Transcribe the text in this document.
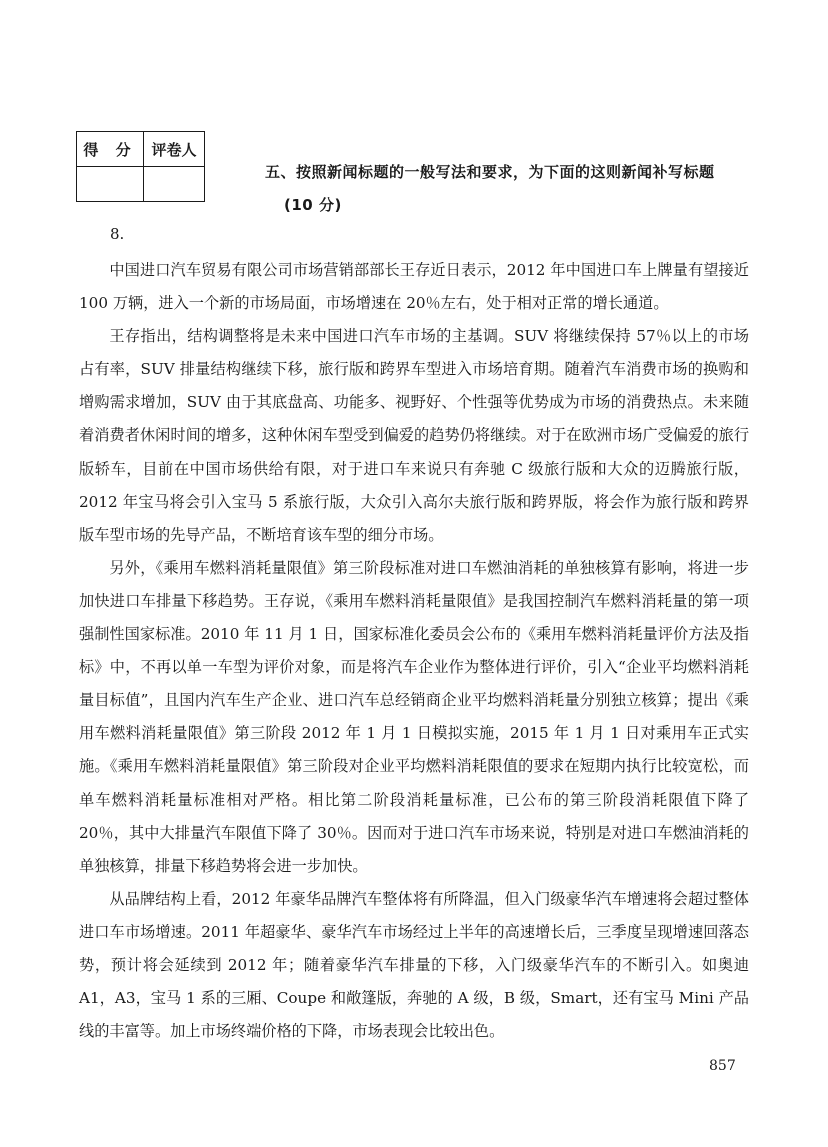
得 分	评卷人

五、按照新闻标题的一般写法和要求，为下面的这则新闻补写标题
(10 分)
8.

中国进口汽车贸易有限公司市场营销部部长王存近日表示，2012 年中国进口车上牌量有望接近 100 万辆，进入一个新的市场局面，市场增速在 20％左右，处于相对正常的增长通道。

王存指出，结构调整将是未来中国进口汽车市场的主基调。SUV 将继续保持 57％以上的市场占有率，SUV 排量结构继续下移，旅行版和跨界车型进入市场培育期。随着汽车消费市场的换购和增购需求增加，SUV 由于其底盘高、功能多、视野好、个性强等优势成为市场的消费热点。未来随着消费者休闲时间的增多，这种休闲车型受到偏爱的趋势仍将继续。对于在欧洲市场广受偏爱的旅行版轿车，目前在中国市场供给有限，对于进口车来说只有奔驰 C 级旅行版和大众的迈腾旅行版，2012 年宝马将会引入宝马 5 系旅行版，大众引入高尔夫旅行版和跨界版，将会作为旅行版和跨界版车型市场的先导产品，不断培育该车型的细分市场。

另外，《乘用车燃料消耗量限值》第三阶段标准对进口车燃油消耗的单独核算有影响，将进一步加快进口车排量下移趋势。王存说，《乘用车燃料消耗量限值》是我国控制汽车燃料消耗量的第一项强制性国家标准。2010 年 11 月 1 日，国家标准化委员会公布的《乘用车燃料消耗量评价方法及指标》中，不再以单一车型为评价对象，而是将汽车企业作为整体进行评价，引入“企业平均燃料消耗量目标值”，且国内汽车生产企业、进口汽车总经销商企业平均燃料消耗量分别独立核算；提出《乘用车燃料消耗量限值》第三阶段 2012 年 1 月 1 日模拟实施，2015 年 1 月 1 日对乘用车正式实施。《乘用车燃料消耗量限值》第三阶段对企业平均燃料消耗限值的要求在短期内执行比较宽松，而单车燃料消耗量标准相对严格。相比第二阶段消耗量标准，已公布的第三阶段消耗限值下降了 20％，其中大排量汽车限值下降了 30％。因而对于进口汽车市场来说，特别是对进口车燃油消耗的单独核算，排量下移趋势将会进一步加快。

从品牌结构上看，2012 年豪华品牌汽车整体将有所降温，但入门级豪华汽车增速将会超过整体进口车市场增速。2011 年超豪华、豪华汽车市场经过上半年的高速增长后，三季度呈现增速回落态势，预计将会延续到 2012 年；随着豪华汽车排量的下移，入门级豪华汽车的不断引入。如奥迪 A1，A3，宝马 1 系的三厢、Coupe 和敞篷版，奔驰的 A 级，B 级，Smart，还有宝马 Mini 产品线的丰富等。加上市场终端价格的下降，市场表现会比较出色。

857
